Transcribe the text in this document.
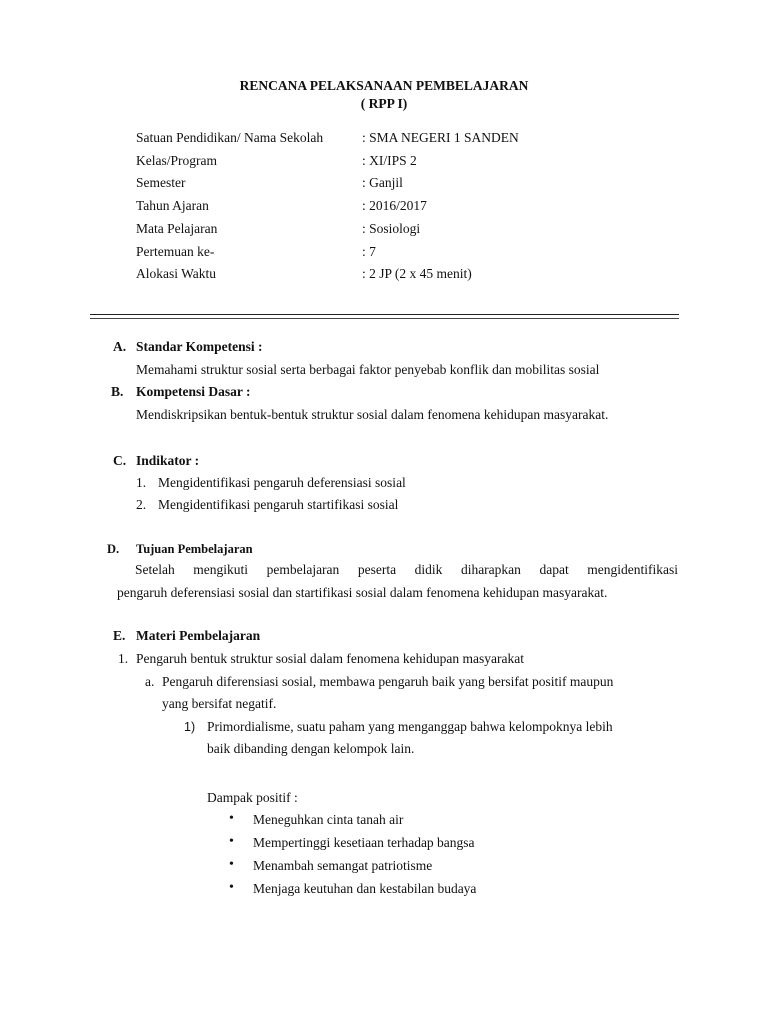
RENCANA PELAKSANAAN PEMBELAJARAN
( RPP I)
Satuan Pendidikan/ Nama Sekolah	: SMA NEGERI 1 SANDEN
Kelas/Program	: XI/IPS 2
Semester	: Ganjil
Tahun Ajaran	: 2016/2017
Mata Pelajaran	: Sosiologi
Pertemuan ke-	: 7
Alokasi Waktu	: 2 JP (2 x 45 menit)
A. Standar Kompetensi :
Memahami struktur sosial serta berbagai faktor penyebab konflik dan mobilitas sosial
B. Kompetensi Dasar :
Mendiskripsikan bentuk-bentuk struktur sosial dalam fenomena kehidupan masyarakat.
C. Indikator :
1. Mengidentifikasi pengaruh deferensiasi sosial
2. Mengidentifikasi pengaruh startifikasi sosial
D. Tujuan Pembelajaran
Setelah mengikuti pembelajaran peserta didik diharapkan dapat mengidentifikasi
pengaruh deferensiasi sosial dan startifikasi sosial dalam fenomena kehidupan masyarakat.
E. Materi Pembelajaran
1. Pengaruh bentuk struktur sosial dalam fenomena kehidupan masyarakat
a. Pengaruh diferensiasi sosial, membawa pengaruh baik yang bersifat positif maupun
yang bersifat negatif.
1) Primordialisme, suatu paham yang menganggap bahwa kelompoknya lebih
baik dibanding dengan kelompok lain.
Dampak positif :
• Meneguhkan cinta tanah air
• Mempertinggi kesetiaan terhadap bangsa
• Menambah semangat patriotisme
• Menjaga keutuhan dan kestabilan budaya
